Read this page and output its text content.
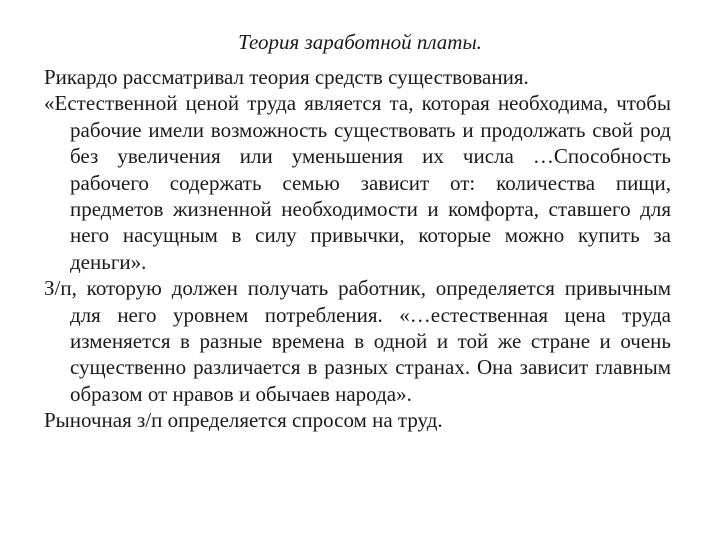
Теория заработной платы.

Рикардо рассматривал теория средств существования.

«Естественной ценой труда является та, которая необходима, чтобы рабочие имели возможность существовать и продолжать свой род без увеличения или уменьшения их числа …Способность рабочего содержать семью зависит от: количества пищи, предметов жизненной необходимости и комфорта, ставшего для него насущным в силу привычки, которые можно купить за деньги».

З/п, которую должен получать работник, определяется привычным для него уровнем потребления. «…естественная цена труда изменяется в разные времена в одной и той же стране и очень существенно различается в разных странах. Она зависит главным образом от нравов и обычаев народа».

Рыночная з/п определяется спросом на труд.
